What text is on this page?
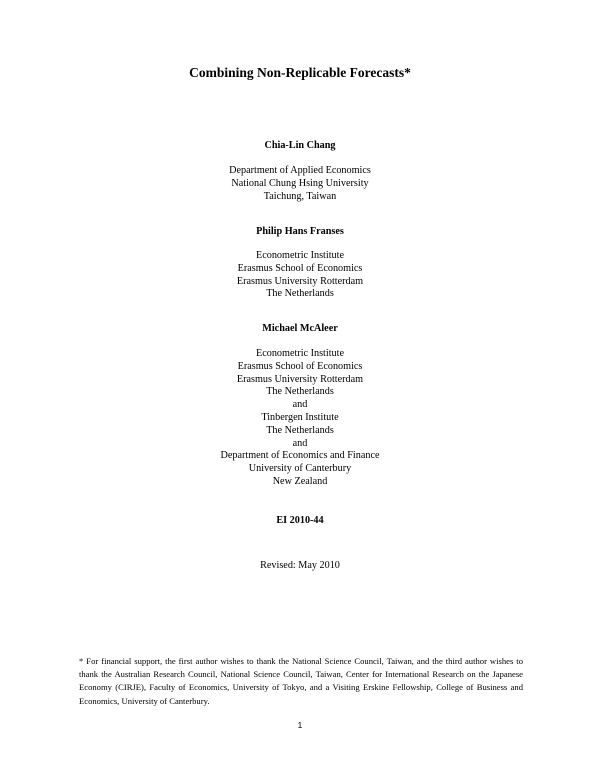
Combining Non-Replicable Forecasts*
Chia-Lin Chang
Department of Applied Economics
National Chung Hsing University
Taichung, Taiwan
Philip Hans Franses
Econometric Institute
Erasmus School of Economics
Erasmus University Rotterdam
The Netherlands
Michael McAleer
Econometric Institute
Erasmus School of Economics
Erasmus University Rotterdam
The Netherlands
and
Tinbergen Institute
The Netherlands
and
Department of Economics and Finance
University of Canterbury
New Zealand
EI 2010-44
Revised: May 2010
* For financial support, the first author wishes to thank the National Science Council, Taiwan, and the third author wishes to thank the Australian Research Council, National Science Council, Taiwan, Center for International Research on the Japanese Economy (CIRJE), Faculty of Economics, University of Tokyo, and a Visiting Erskine Fellowship, College of Business and Economics, University of Canterbury.
1
